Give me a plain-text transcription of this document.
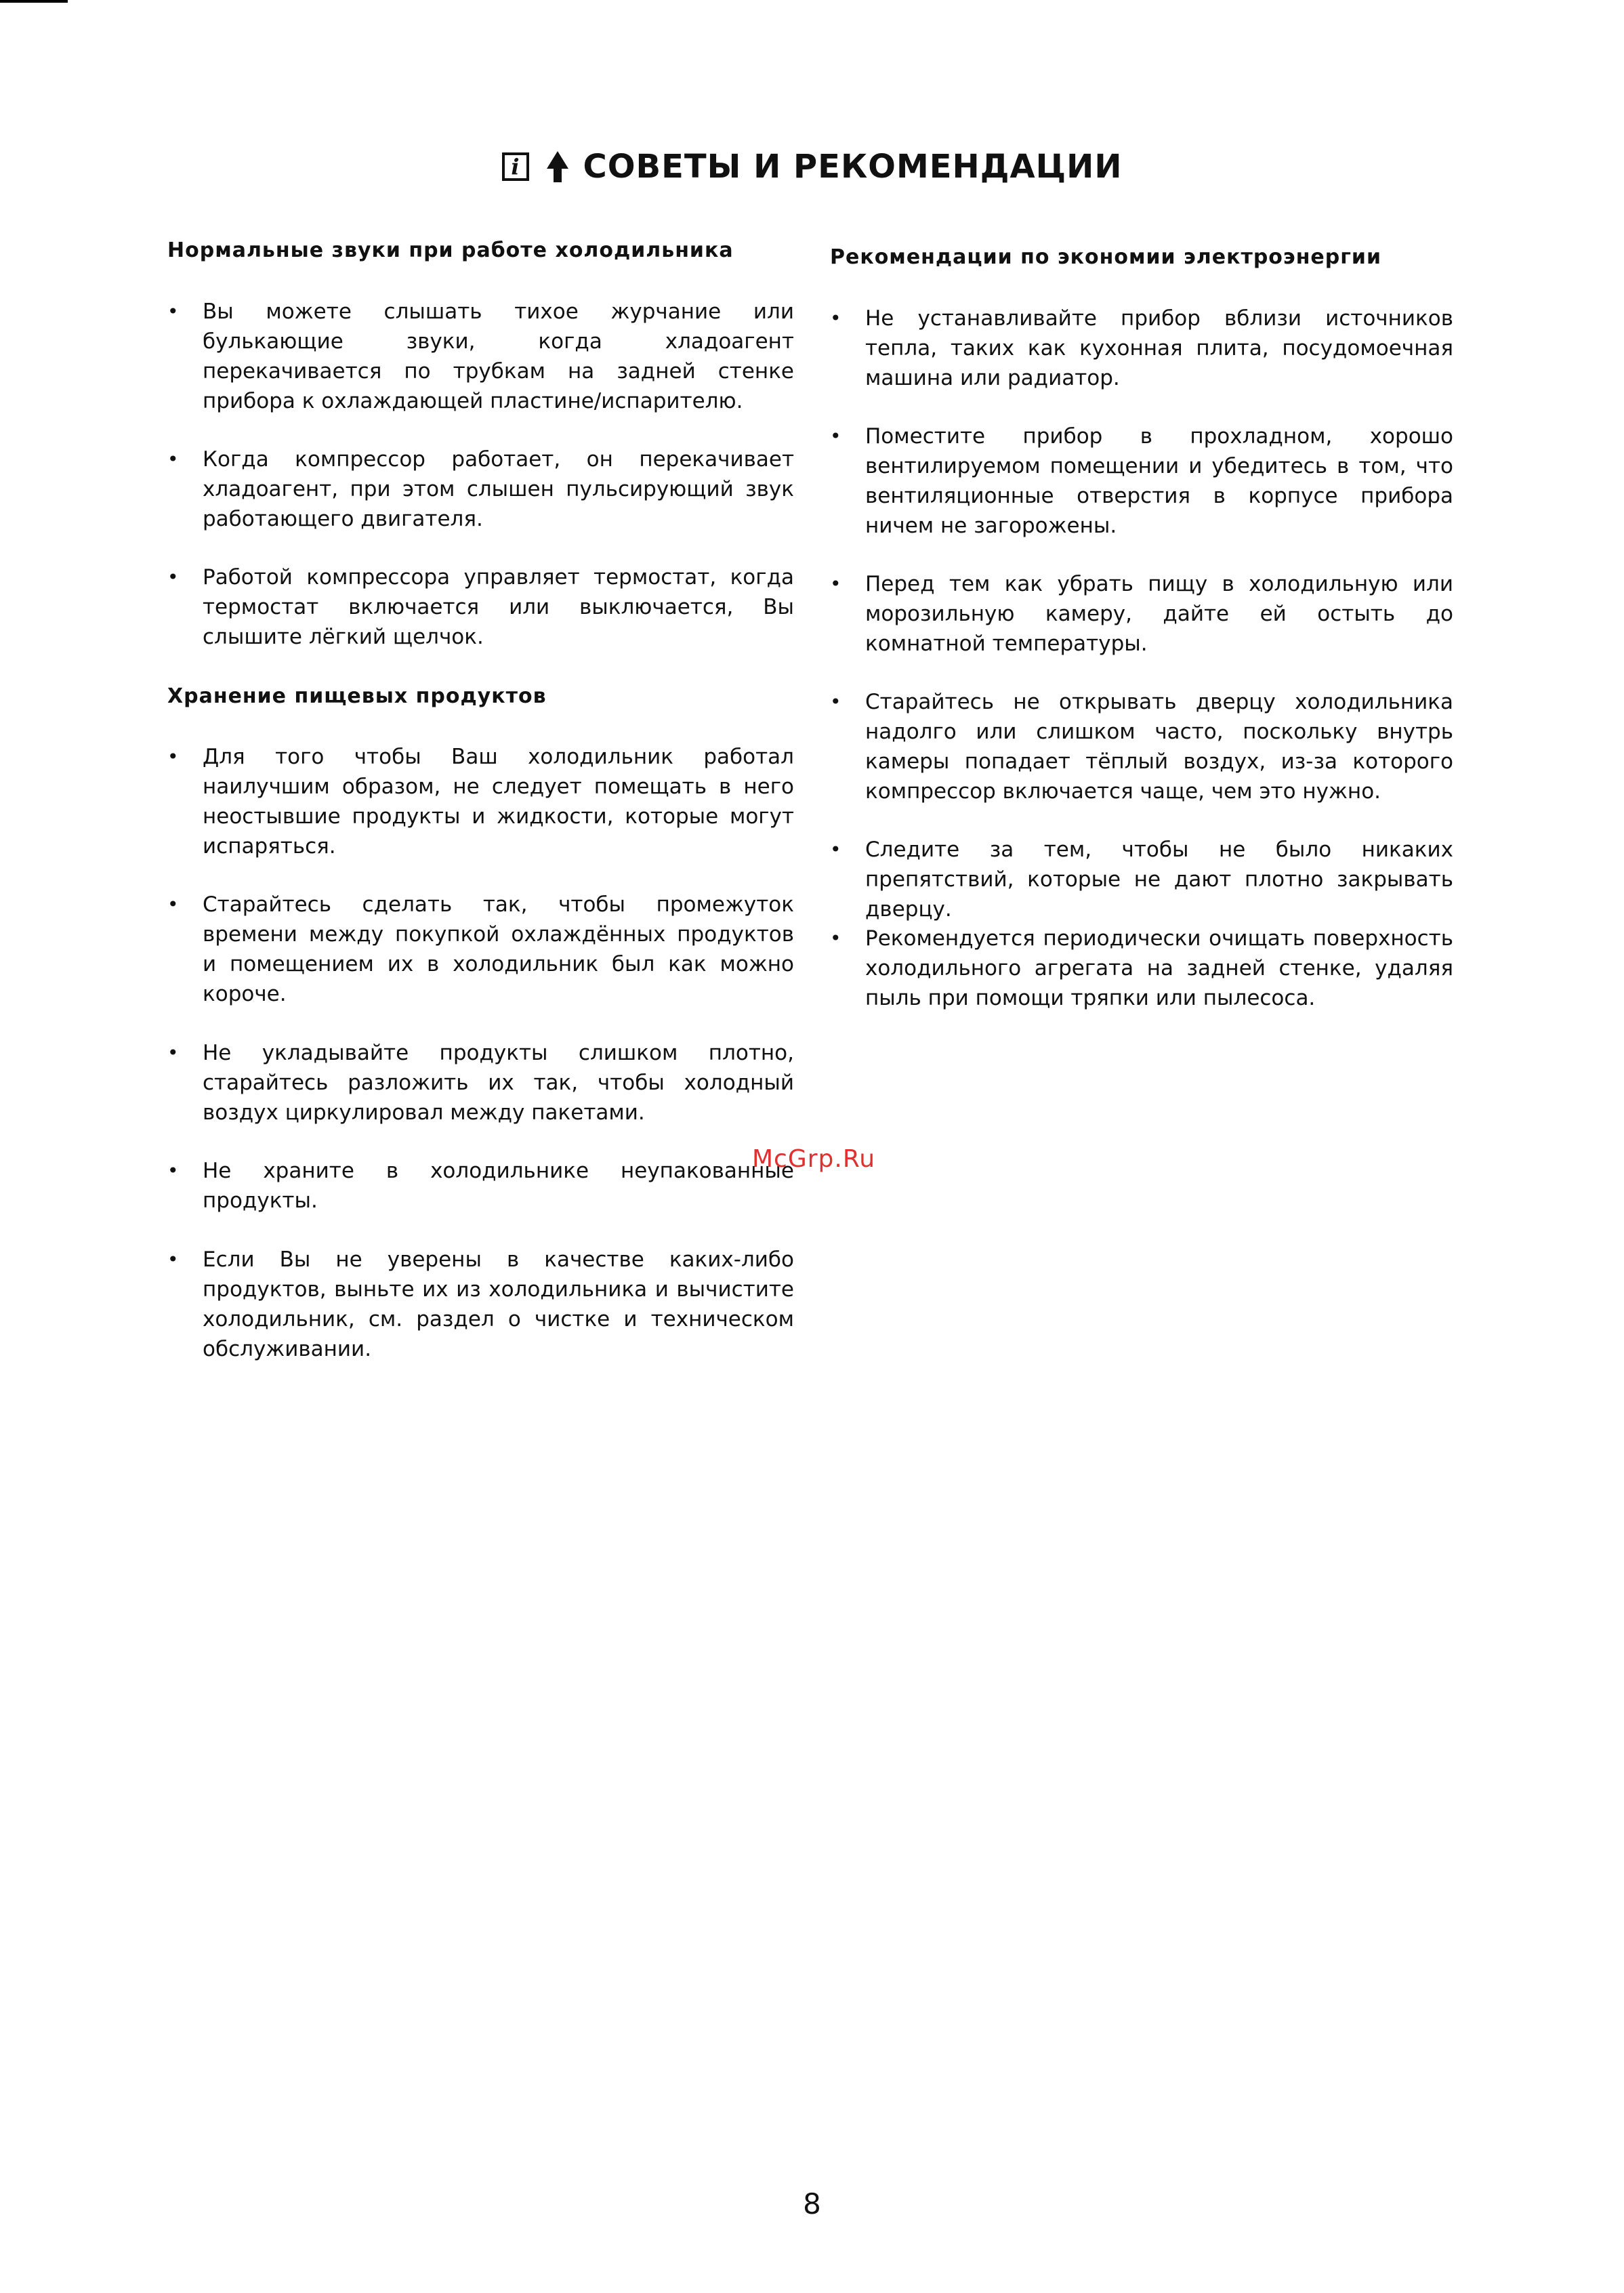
i СОВЕТЫ И РЕКОМЕНДАЦИИ
Нормальные звуки при работе холодильника
• Вы можете слышать тихое журчание или булькающие звуки, когда хладоагент перекачивается по трубкам на задней стенке прибора к охлаждающей пластине/испарителю.
• Когда компрессор работает, он перекачивает хладоагент, при этом слышен пульсирующий звук работающего двигателя.
• Работой компрессора управляет термостат, когда термостат включается или выключается, Вы слышите лёгкий щелчок.
Хранение пищевых продуктов
• Для того чтобы Ваш холодильник работал наилучшим образом, не следует помещать в него неостывшие продукты и жидкости, которые могут испаряться.
• Старайтесь сделать так, чтобы промежуток времени между покупкой охлаждённых продуктов и помещением их в холодильник был как можно короче.
• Не укладывайте продукты слишком плотно, старайтесь разложить их так, чтобы холодный воздух циркулировал между пакетами.
• Не храните в холодильнике неупакованные продукты.
• Если Вы не уверены в качестве каких-либо продуктов, выньте их из холодильника и вычистите холодильник, см. раздел о чистке и техническом обслуживании.
Рекомендации по экономии электроэнергии
• Не устанавливайте прибор вблизи источников тепла, таких как кухонная плита, посудомоечная машина или радиатор.
• Поместите прибор в прохладном, хорошо вентилируемом помещении и убедитесь в том, что вентиляционные отверстия в корпусе прибора ничем не загорожены.
• Перед тем как убрать пищу в холодильную или морозильную камеру, дайте ей остыть до комнатной температуры.
• Старайтесь не открывать дверцу холодильника надолго или слишком часто, поскольку внутрь камеры попадает тёплый воздух, из-за которого компрессор включается чаще, чем это нужно.
• Следите за тем, чтобы не было никаких препятствий, которые не дают плотно закрывать дверцу.
• Рекомендуется периодически очищать поверхность холодильного агрегата на задней стенке, удаляя пыль при помощи тряпки или пылесоса.
McGrp.Ru
8
